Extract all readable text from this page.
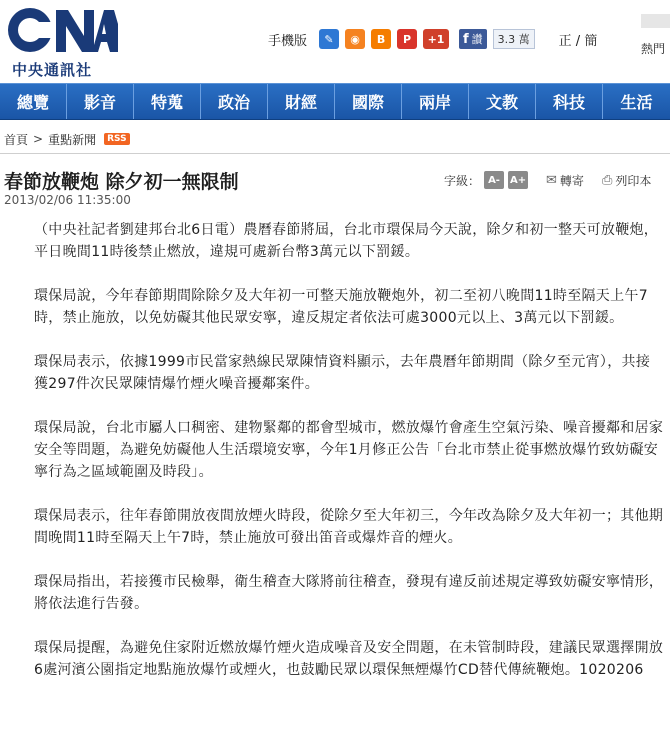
中央通訊社
手機版	✎	◉	B	P	+1	f 讚	3.3 萬	正 / 簡
熱門
總覽	影音	特蒐	政治	財經	國際	兩岸	文教	科技	生活
首頁 > 重點新聞	RSS
春節放鞭炮 除夕初一無限制
2013/02/06 11:35:00
字級： A-	A+ ✉ 轉寄 ⎙ 列印本

（中央社記者劉建邦台北6日電）農曆春節將屆，台北市環保局今天說，除夕和初一整天可放鞭炮，平日晚間11時後禁止燃放，違規可處新台幣3萬元以下罰鍰。

環保局說，今年春節期間除除夕及大年初一可整天施放鞭炮外，初二至初八晚間11時至隔天上午7時，禁止施放，以免妨礙其他民眾安寧，違反規定者依法可處3000元以上、3萬元以下罰鍰。

環保局表示，依據1999市民當家熱線民眾陳情資料顯示，去年農曆年節期間（除夕至元宵），共接獲297件次民眾陳情爆竹煙火噪音擾鄰案件。

環保局說，台北市屬人口稠密、建物緊鄰的都會型城市，燃放爆竹會產生空氣污染、噪音擾鄰和居家安全等問題，為避免妨礙他人生活環境安寧，今年1月修正公告「台北市禁止從事燃放爆竹致妨礙安寧行為之區域範圍及時段」。

環保局表示，往年春節開放夜間放煙火時段，從除夕至大年初三，今年改為除夕及大年初一；其他期間晚間11時至隔天上午7時，禁止施放可發出笛音或爆炸音的煙火。

環保局指出，若接獲市民檢舉，衛生稽查大隊將前往稽查，發現有違反前述規定導致妨礙安寧情形，將依法進行告發。

環保局提醒，為避免住家附近燃放爆竹煙火造成噪音及安全問題，在未管制時段，建議民眾選擇開放6處河濱公園指定地點施放爆竹或煙火，也鼓勵民眾以環保無煙爆竹CD替代傳統鞭炮。1020206
